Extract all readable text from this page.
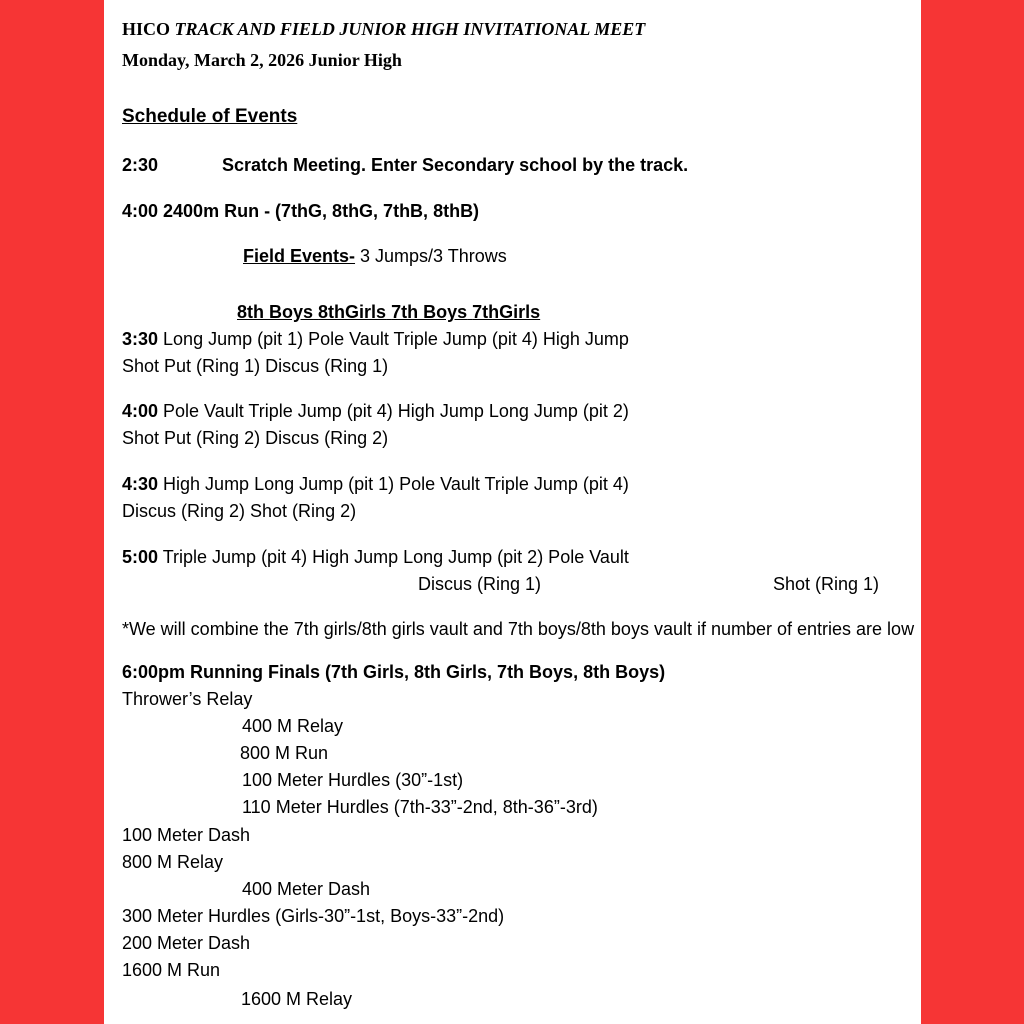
HICO TRACK AND FIELD JUNIOR HIGH INVITATIONAL MEET
Monday, March 2, 2026 Junior High
Schedule of Events
2:30	Scratch Meeting. Enter Secondary school by the track.
4:00 2400m Run - (7thG, 8thG, 7thB, 8thB)
Field Events- 3 Jumps/3 Throws
8th Boys 8thGirls 7th Boys 7thGirls
3:30 Long Jump (pit 1) Pole Vault Triple Jump (pit 4) High Jump
Shot Put (Ring 1) Discus (Ring 1)
4:00 Pole Vault Triple Jump (pit 4) High Jump Long Jump (pit 2)
Shot Put (Ring 2) Discus (Ring 2)
4:30 High Jump Long Jump (pit 1) Pole Vault Triple Jump (pit 4)
Discus (Ring 2) Shot (Ring 2)
5:00 Triple Jump (pit 4) High Jump Long Jump (pit 2) Pole Vault
Discus (Ring 1)	Shot (Ring 1)
*We will combine the 7th girls/8th girls vault and 7th boys/8th boys vault if number of entries are low
6:00pm Running Finals (7th Girls, 8th Girls, 7th Boys, 8th Boys)
Thrower’s Relay
400 M Relay
800 M Run
100 Meter Hurdles (30”-1st)
110 Meter Hurdles (7th-33”-2nd, 8th-36”-3rd)
100 Meter Dash
800 M Relay
400 Meter Dash
300 Meter Hurdles (Girls-30”-1st, Boys-33”-2nd)
200 Meter Dash
1600 M Run
1600 M Relay
